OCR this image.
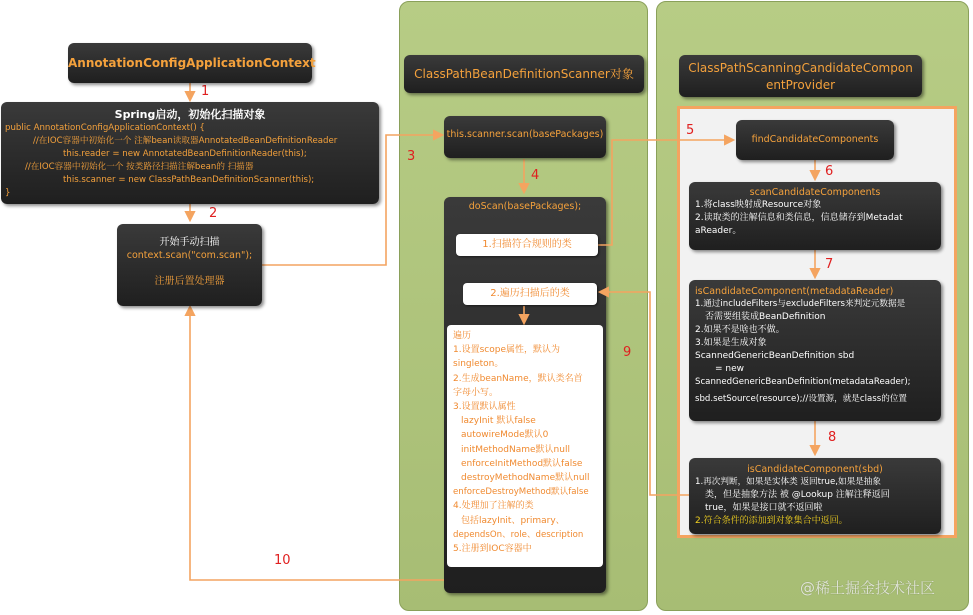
1
2
3
4
5
6
7
8
9
10
AnnotationConfigApplicationContext
Spring启动，初始化扫描对象
public AnnotationConfigApplicationContext() {
//在IOC容器中初始化一个 注解bean读取器AnnotatedBeanDefinitionReader
this.reader = new AnnotatedBeanDefinitionReader(this);
//在IOC容器中初始化一个 按类路径扫描注解bean的 扫描器
this.scanner = new ClassPathBeanDefinitionScanner(this);
}
开始手动扫描
context.scan("com.scan");
注册后置处理器
ClassPathBeanDefinitionScanner对象
this.scanner.scan(basePackages)
doScan(basePackages);
1.扫描符合规则的类
2.遍历扫描后的类
遍历
1.设置scope属性，默认为
singleton。
2.生成beanName，默认类名首
字母小写。
3.设置默认属性
lazyInit 默认false
autowireMode默认0
initMethodName默认null
enforceInitMethod默认false
destroyMethodName默认null
enforceDestroyMethod默认false
4.处理加了注解的类
包括lazyInit、primary、
dependsOn、role、description
5.注册到IOC容器中
ClassPathScanningCandidateCompon
entProvider
findCandidateComponents
scanCandidateComponents
1.将class映射成Resource对象
2.读取类的注解信息和类信息，信息储存到Metadat
aReader。
isCandidateComponent(metadataReader)
1.通过includeFilters与excludeFilters来判定元数据是
否需要组装成BeanDefinition
2.如果不是啥也不做。
3.如果是生成对象
ScannedGenericBeanDefinition sbd
= new
ScannedGenericBeanDefinition(metadataReader);
sbd.setSource(resource);//设置源，就是class的位置
isCandidateComponent(sbd)
1.再次判断，如果是实体类 返回true,如果是抽象
类，但是抽象方法 被 @Lookup 注解注释返回
true，如果是接口就不返回啦
2.符合条件的添加到对象集合中返回。
@稀土掘金技术社区
